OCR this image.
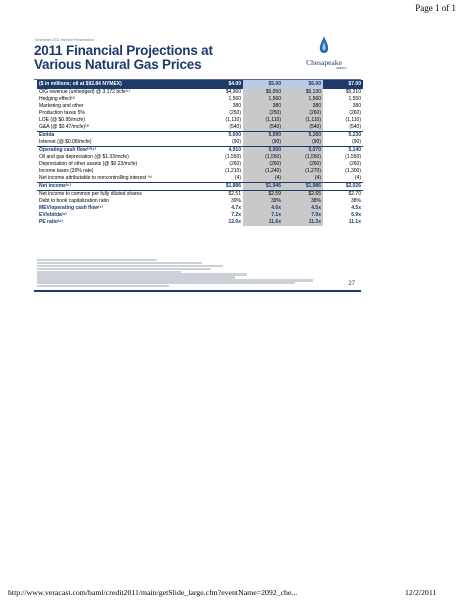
Page 1 of 1
November 2011 Investor Presentation
2011 Financial Projections at
Various Natural Gas Prices	Chesapeake
ENERGY
($ in millions; oil at $92.84 NYMEX)	$4.00	$5.00	$6.00	$7.00
O/G revenue (unhedged) @ 3.172 bcfe⁽¹⁾	$4,960	$5,050	$5,130	$5,210
Hedging effect⁽²⁾	1,560	1,560	1,560	1,550
Marketing and other	380	380	380	380
Production taxes 5%	(250)	(250)	(260)	(260)
LOE (@ $0.95/mcfe)	(1,110)	(1,110)	(1,110)	(1,110)
G&A (@ $0.47/mcfe)⁽³⁾	(540)	(540)	(540)	(540)
Ebitda	5,000	5,090	5,160	5,230
Interest (@ $0.08/mcfe)	(90)	(90)	(90)	(90)
Operating cash flow⁽³⁾⁽⁴⁾	4,910	5,000	5,070	5,140
Oil and gas depreciation (@ $1.33/mcfe)	(1,550)	(1,550)	(1,550)	(1,550)
Depreciation of other assets (@ $0.23/mcfe)	(260)	(260)	(260)	(260)
Income taxes (39% rate)	(1,210)	(1,240)	(1,270)	(1,300)
Net income attributable to noncontrolling interest ⁽⁵⁾	(4)	(4)	(4)	(4)
Net income⁽⁵⁾	$1,886	$1,946	$1,986	$2,026
Net income to common per fully diluted shares	$2.51	$2.59	$2.65	$2.70
Debt to book capitalization ratio	39%	39%	38%	38%
MEV/operating cash flow⁽⁷⁾	4.7x	4.6x	4.5x	4.5x
EV/ebitda⁽⁸⁾	7.2x	7.1x	7.0x	6.9x
PE ratio⁽⁹⁾	12.0x	11.6x	11.3x	11.1x
27
http://www.veracast.com/baml/credit2011/main/getSlide_large.cfm?eventName=2092_che...	12/2/2011
